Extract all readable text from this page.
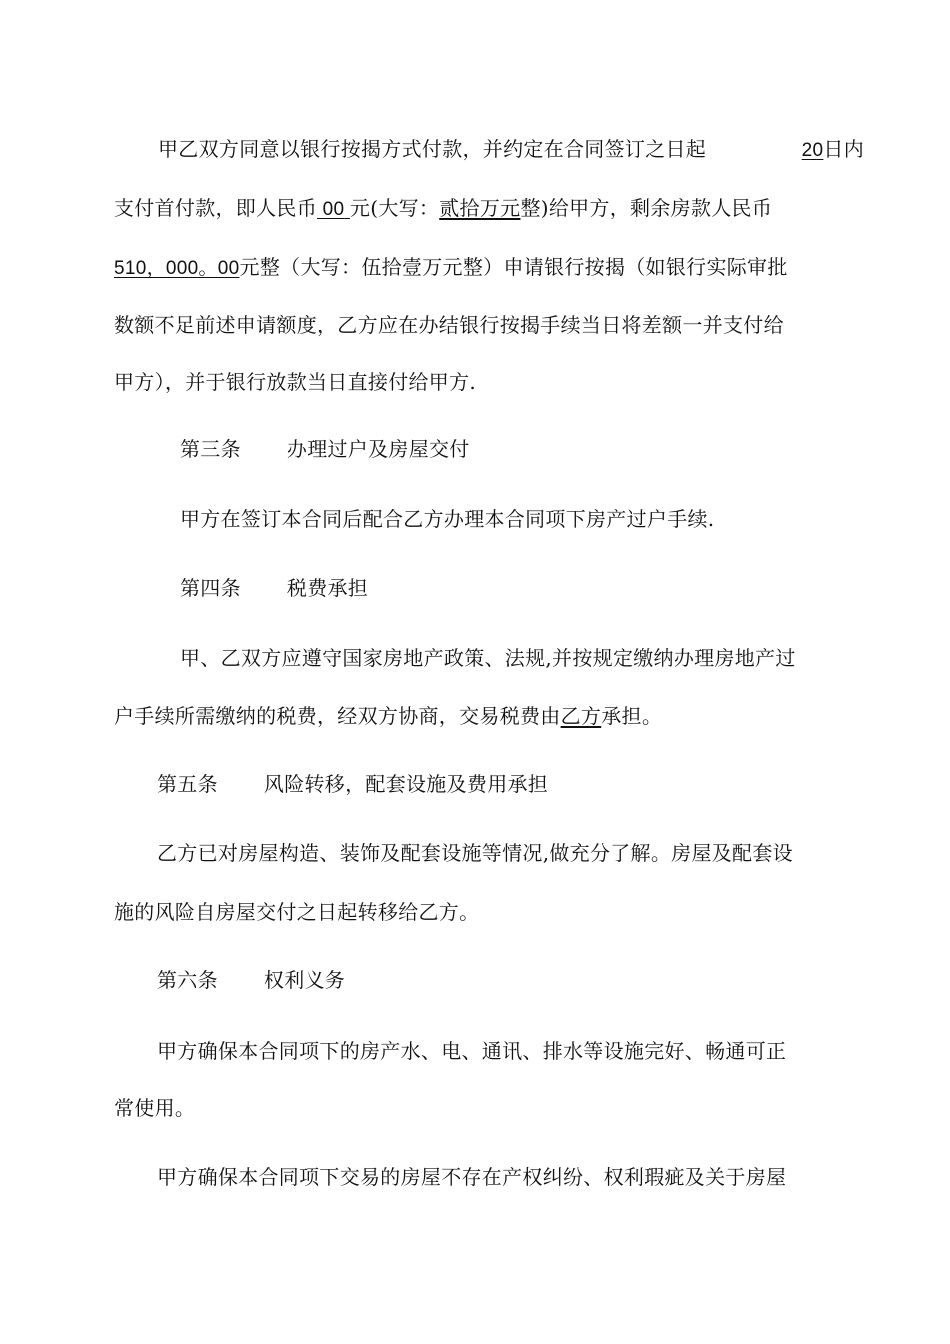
甲乙双方同意以银行按揭方式付款，并约定在合同签订之日起	20日内
支付首付款，即人民币 00 元(大写：贰拾万元整)给甲方，剩余房款人民币
510，000。00元整（大写：伍拾壹万元整）申请银行按揭（如银行实际审批
数额不足前述申请额度，乙方应在办结银行按揭手续当日将差额一并支付给
甲方），并于银行放款当日直接付给甲方.
第三条 办理过户及房屋交付
甲方在签订本合同后配合乙方办理本合同项下房产过户手续.
第四条 税费承担
甲、乙双方应遵守国家房地产政策、法规,并按规定缴纳办理房地产过
户手续所需缴纳的税费，经双方协商，交易税费由乙方承担。
第五条 风险转移，配套设施及费用承担
乙方已对房屋构造、装饰及配套设施等情况,做充分了解。房屋及配套设
施的风险自房屋交付之日起转移给乙方。
第六条 权利义务
甲方确保本合同项下的房产水、电、通讯、排水等设施完好、畅通可正
常使用。
甲方确保本合同项下交易的房屋不存在产权纠纷、权利瑕疵及关于房屋
